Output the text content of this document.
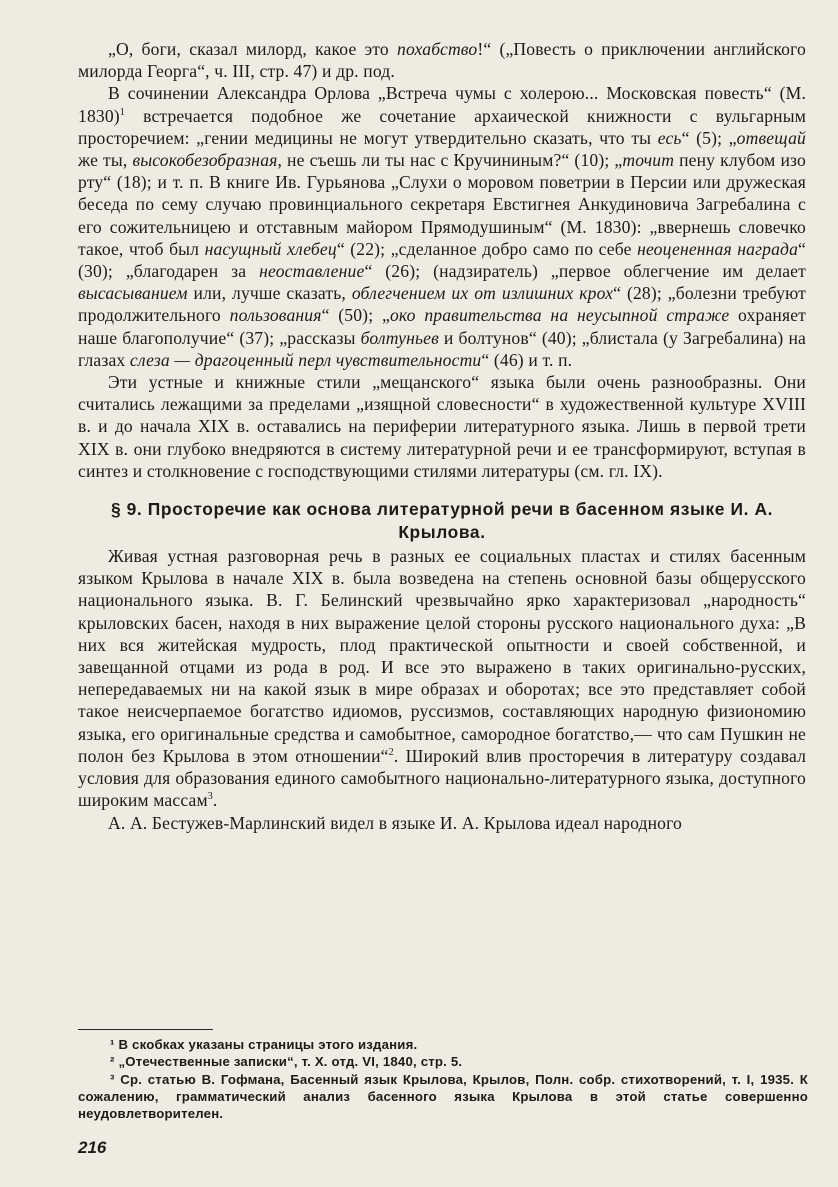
„О, боги, сказал милорд, какое это похабство!“ („Повесть о приключении английского милорда Георга“, ч. III, стр. 47) и др. под.

В сочинении Александра Орлова „Встреча чумы с холерою... Московская повесть“ (М. 1830)$^1$ встречается подобное же сочетание архаической книжности с вульгарным просторечием: „гении медицины не могут утвердительно сказать, что ты есь“ (5); „отвещай же ты, высокобезобразная, не съешь ли ты нас с Кручининым?“ (10); „точит пену клубом изо рту“ (18); и т. п. В книге Ив. Гурьянова „Слухи о моровом поветрии в Персии или дружеская беседа по сему случаю провинциального секретаря Евстигнея Анкудиновича Загребалина с его сожительницею и отставным майором Прямодушиным“ (М. 1830): „ввернешь словечко такое, чтоб был насущный хлебец“ (22); „сделанное добро само по себе неоцененная награда“ (30); „благодарен за неоставление“ (26); (надзиратель) „первое облегчение им делает высасыванием или, лучше сказать, облегчением их от излишних крох“ (28); „болезни требуют продолжительного пользования“ (50); „око правительства на неусыпной страже охраняет наше благополучие“ (37); „рассказы болтуньев и болтунов“ (40); „блистала (у Загребалина) на глазах слеза — драгоценный перл чувствительности“ (46) и т. п.

Эти устные и книжные стили „мещанского“ языка были очень разнообразны. Они считались лежащими за пределами „изящной словесности“ в художественной культуре XVIII в. и до начала XIX в. оставались на периферии литературного языка. Лишь в первой трети XIX в. они глубоко внедряются в систему литературной речи и ее трансформируют, вступая в синтез и столкновение с господствующими стилями литературы (см. гл. IX).

§ 9. Просторечие как основа литературной речи в басенном языке И. А. Крылова.

Живая устная разговорная речь в разных ее социальных пластах и стилях басенным языком Крылова в начале XIX в. была возведена на степень основной базы общерусского национального языка. В. Г. Белинский чрезвычайно ярко характеризовал „народность“ крыловских басен, находя в них выражение целой стороны русского национального духа: „В них вся житейская мудрость, плод практической опытности и своей собственной, и завещанной отцами из рода в род. И все это выражено в таких оригинально-русских, непередаваемых ни на какой язык в мире образах и оборотах; все это представляет собой такое неисчерпаемое богатство идиомов, руссизмов, составляющих народную физиономию языка, его оригинальные средства и самобытное, самородное богатство,— что сам Пушкин не полон без Крылова в этом отношении“$^2$. Широкий влив просторечия в литературу создавал условия для образования единого самобытного национально-литературного языка, доступного широким массам$^3$.

А. А. Бестужев-Марлинский видел в языке И. А. Крылова идеал народного

¹ В скобках указаны страницы этого издания.

² „Отечественные записки“, т. X. отд. VI, 1840, стр. 5.

³ Ср. статью В. Гофмана, Басенный язык Крылова, Крылов, Полн. собр. стихотворений, т. I, 1935. К сожалению, грамматический анализ басенного языка Крылова в этой статье совершенно неудовлетворителен.

216
